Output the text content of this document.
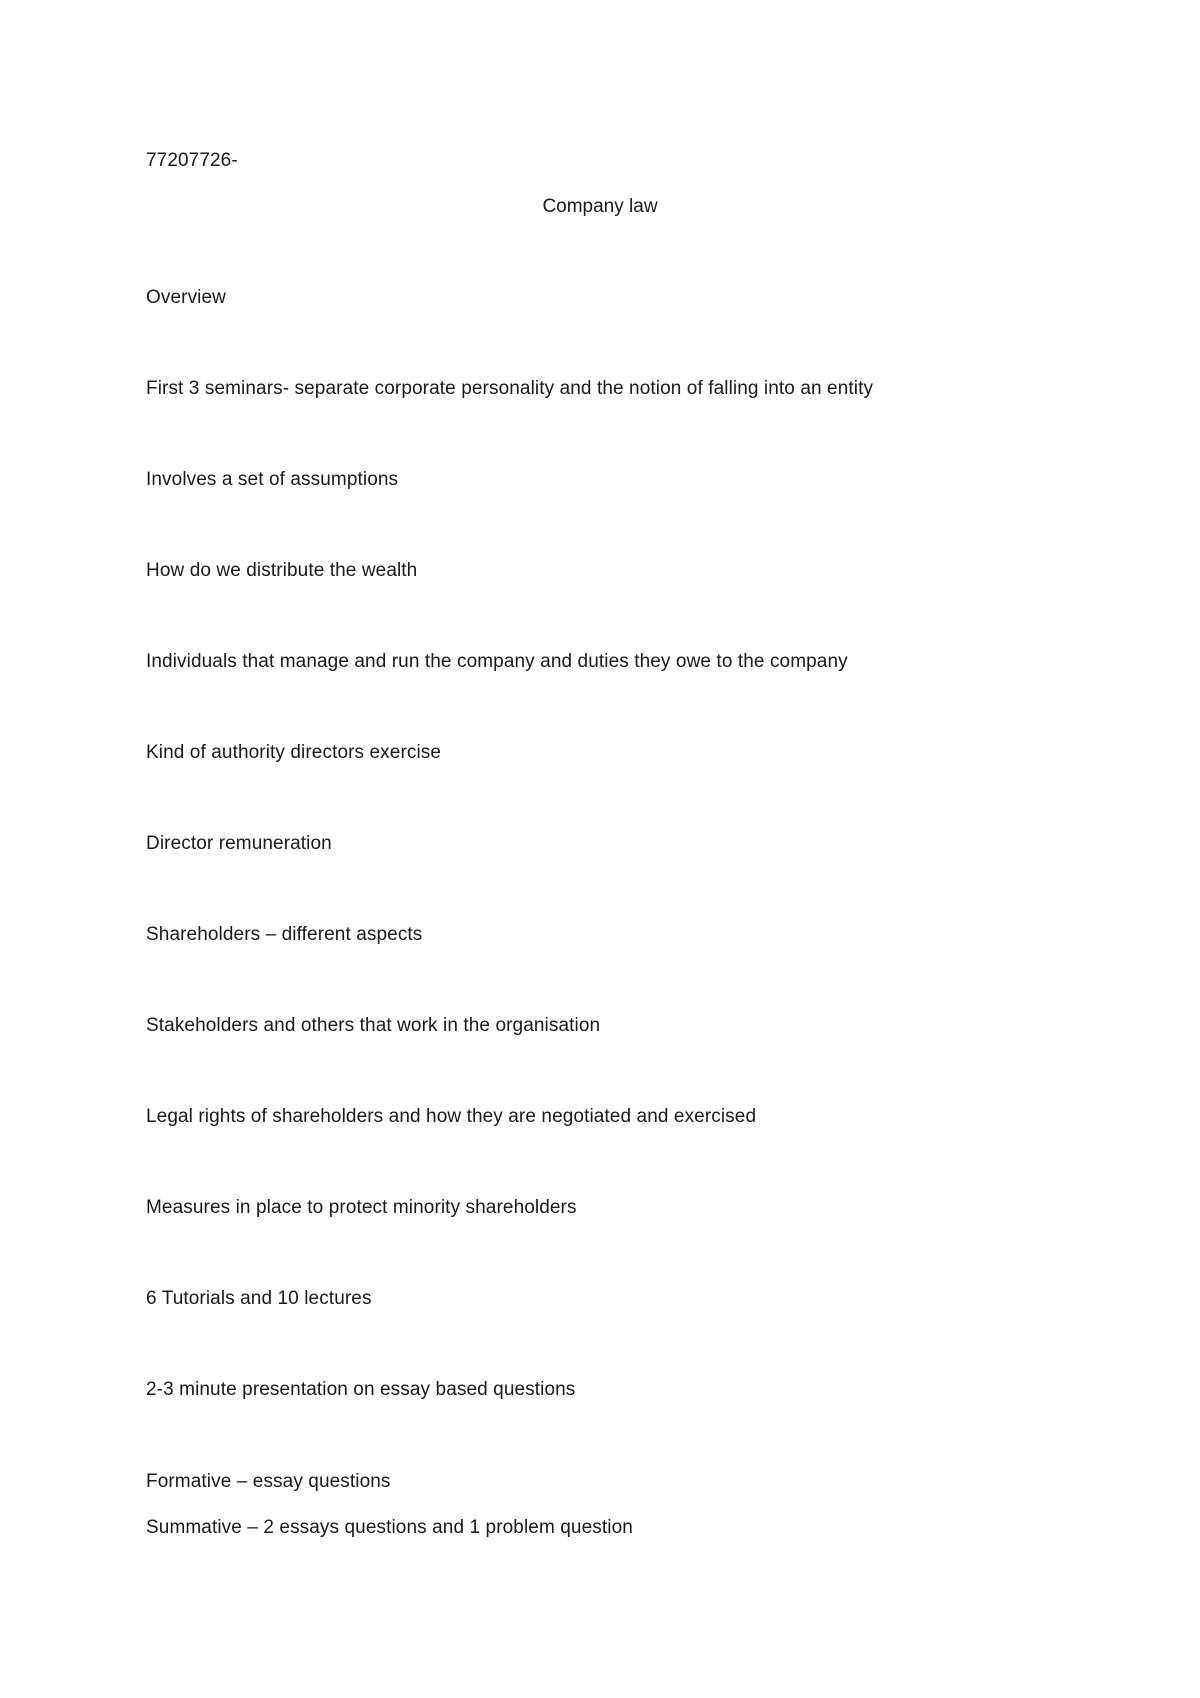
77207726-
Company law
Overview
First 3 seminars- separate corporate personality and the notion of falling into an entity
Involves a set of assumptions
How do we distribute the wealth
Individuals that manage and run the company and duties they owe to the company
Kind of authority directors exercise
Director remuneration
Shareholders – different aspects
Stakeholders and others that work in the organisation
Legal rights of shareholders and how they are negotiated and exercised
Measures in place to protect minority shareholders
6 Tutorials and 10 lectures
2-3 minute presentation on essay based questions
Formative – essay questions
Summative – 2 essays questions and 1 problem question
